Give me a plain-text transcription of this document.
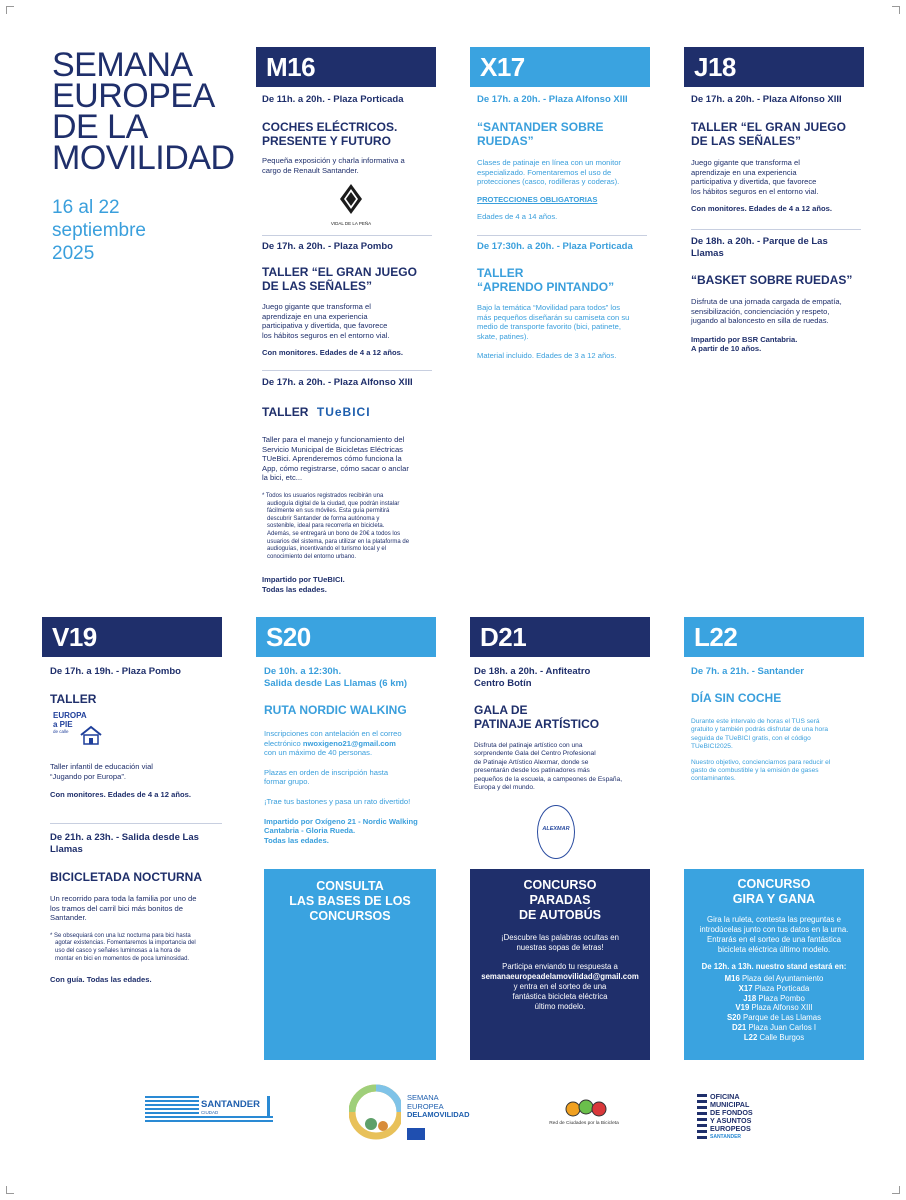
SEMANA
EUROPEA
DE LA
MOVILIDAD
16 al 22
septiembre
2025
M16
De 11h. a 20h. - Plaza Porticada
COCHES ELÉCTRICOS.
PRESENTE Y FUTURO
Pequeña exposición y charla informativa a
cargo de Renault Santander.
VIDAL DE LA PEÑA
De 17h. a 20h. - Plaza Pombo
TALLER “EL GRAN JUEGO
DE LAS SEÑALES”
Juego gigante que transforma el
aprendizaje en una experiencia
participativa y divertida, que favorece
los hábitos seguros en el entorno vial.
Con monitores. Edades de 4 a 12 años.
De 17h. a 20h. - Plaza Alfonso XIII
TALLER TUeBICI
Taller para el manejo y funcionamiento del
Servicio Municipal de Bicicletas Eléctricas
TUeBici. Aprenderemos cómo funciona la
App, cómo registrarse, cómo sacar o anclar
la bici, etc...
* Todos los usuarios registrados recibirán una
audioguía digital de la ciudad, que podrán instalar
fácilmente en sus móviles. Esta guía permitirá
descubrir Santander de forma autónoma y
sostenible, ideal para recorrerla en bicicleta.
Además, se entregará un bono de 20€ a todos los
usuarios del sistema, para utilizar en la plataforma de
audioguías, incentivando el turismo local y el
conocimiento del entorno urbano.
Impartido por TUeBICI.
Todas las edades.
X17
De 17h. a 20h. - Plaza Alfonso XIII
“SANTANDER SOBRE
RUEDAS”
Clases de patinaje en línea con un monitor
especializado. Fomentaremos el uso de
protecciones (casco, rodilleras y coderas).
PROTECCIONES OBLIGATORIAS
Edades de 4 a 14 años.
De 17:30h. a 20h. - Plaza Porticada
TALLER
“APRENDO PINTANDO”
Bajo la temática “Movilidad para todos” los
más pequeños diseñarán su camiseta con su
medio de transporte favorito (bici, patinete,
skate, patines).
Material incluido. Edades de 3 a 12 años.
J18
De 17h. a 20h. - Plaza Alfonso XIII
TALLER “EL GRAN JUEGO
DE LAS SEÑALES”
Juego gigante que transforma el
aprendizaje en una experiencia
participativa y divertida, que favorece
los hábitos seguros en el entorno vial.
Con monitores. Edades de 4 a 12 años.
De 18h. a 20h. - Parque de Las Llamas
“BASKET SOBRE RUEDAS”
Disfruta de una jornada cargada de empatía,
sensibilización, concienciación y respeto,
jugando al baloncesto en silla de ruedas.
Impartido por BSR Cantabria.
A partir de 10 años.
V19
De 17h. a 19h. - Plaza Pombo
TALLER
EUROPA
a PIE
de calle
Taller infantil de educación vial
“Jugando por Europa”.
Con monitores. Edades de 4 a 12 años.
De 21h. a 23h. - Salida desde Las
Llamas
BICICLETADA NOCTURNA
Un recorrido para toda la familia por uno de
los tramos del carril bici más bonitos de
Santander.
* Se obsequiará con una luz nocturna para bici hasta
agotar existencias. Fomentaremos la importancia del
uso del casco y señales luminosas a la hora de
montar en bici en momentos de poca luminosidad.
Con guía. Todas las edades.
S20
De 10h. a 12:30h.
Salida desde Las Llamas (6 km)
RUTA NORDIC WALKING
Inscripciones con antelación en el correo
electrónico nwoxigeno21@gmail.com
con un máximo de 40 personas.
Plazas en orden de inscripción hasta
formar grupo.
¡Trae tus bastones y pasa un rato divertido!
Impartido por Oxígeno 21 - Nordic Walking
Cantabria - Gloria Rueda.
Todas las edades.
D21
De 18h. a 20h. - Anfiteatro
Centro Botín
GALA DE
PATINAJE ARTÍSTICO
Disfruta del patinaje artístico con una
sorprendente Gala del Centro Profesional
de Patinaje Artístico Alexmar, donde se
presentarán desde los patinadores más
pequeños de la escuela, a campeones de España,
Europa y del mundo.
ALEXMAR
L22
De 7h. a 21h. - Santander
DÍA SIN COCHE
Durante este intervalo de horas el TUS será
gratuito y también podrás disfrutar de una hora
seguida de TUeBICI gratis, con el código
TUeBICI2025.
Nuestro objetivo, concienciarnos para reducir el
gasto de combustible y la emisión de gases
contaminantes.
CONSULTA
LAS BASES DE LOS
CONCURSOS
CONCURSO
PARADAS
DE AUTOBÚS
¡Descubre las palabras ocultas en
nuestras sopas de letras!
Participa enviando tu respuesta a
semanaeuropeadelamovilidad@gmail.com
y entra en el sorteo de una
fantástica bicicleta eléctrica
último modelo.
CONCURSO
GIRA Y GANA
Gira la ruleta, contesta las preguntas e
introdúcelas junto con tus datos en la urna.
Entrarás en el sorteo de una fantástica
bicicleta eléctrica último modelo.
De 12h. a 13h. nuestro stand estará en:
M16 Plaza del Ayuntamiento
X17 Plaza Porticada
J18 Plaza Pombo
V19 Plaza Alfonso XIII
S20 Parque de Las Llamas
D21 Plaza Juan Carlos I
L22 Calle Burgos
SANTANDER
CIUDAD
SEMANA
EUROPEA
DELAMOVILIDAD
Red de Ciudades por la Bicicleta
OFICINA
MUNICIPAL
DE FONDOS
Y ASUNTOS
EUROPEOS
SANTANDER
